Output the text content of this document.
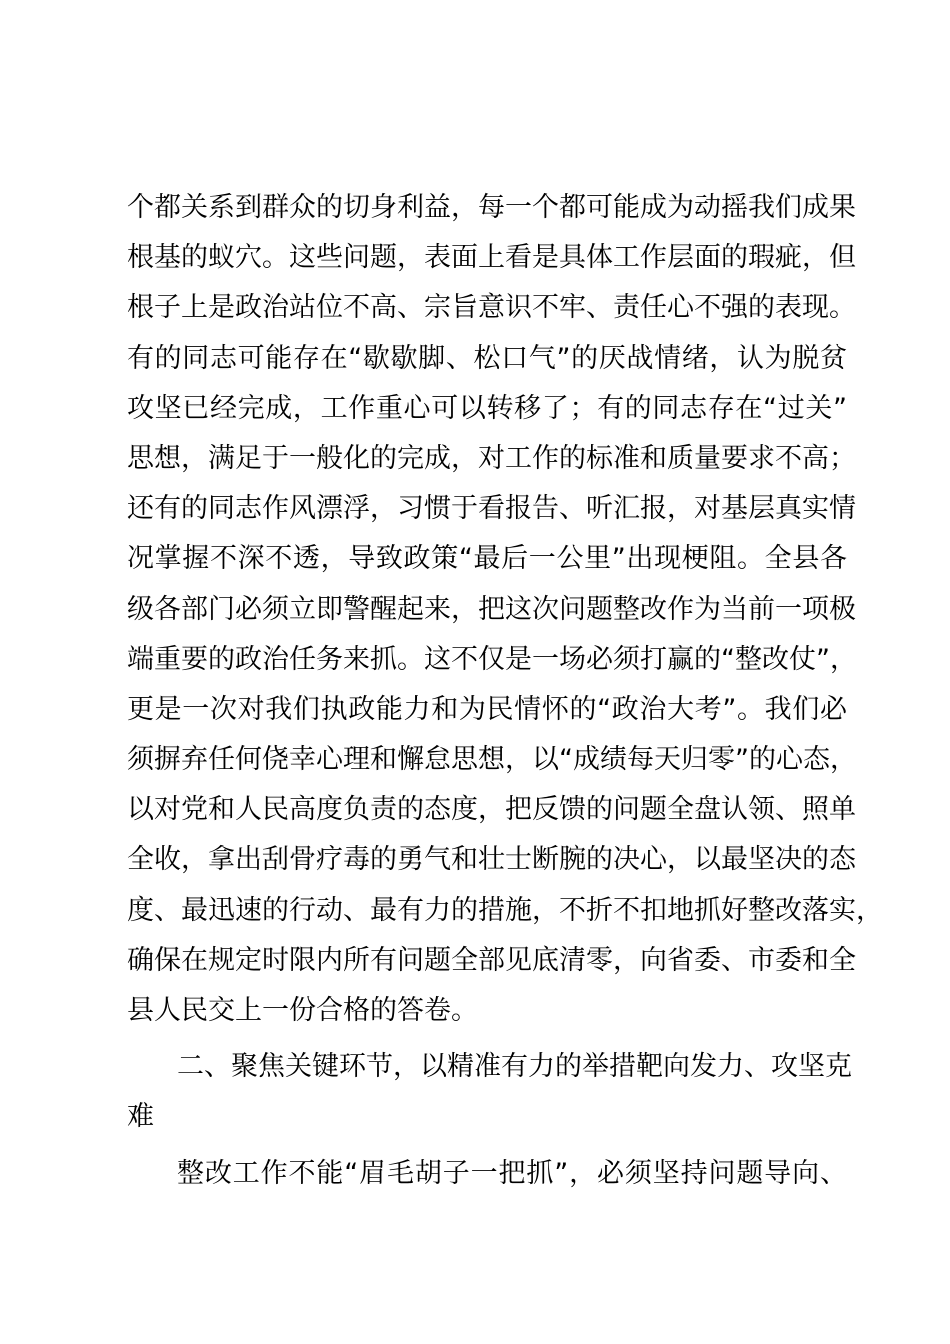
个都关系到群众的切身利益，每一个都可能成为动摇我们成果
根基的蚁穴。这些问题，表面上看是具体工作层面的瑕疵，但
根子上是政治站位不高、宗旨意识不牢、责任心不强的表现。
有的同志可能存在“歇歇脚、松口气”的厌战情绪，认为脱贫
攻坚已经完成，工作重心可以转移了；有的同志存在“过关”
思想，满足于一般化的完成，对工作的标准和质量要求不高；
还有的同志作风漂浮，习惯于看报告、听汇报，对基层真实情
况掌握不深不透，导致政策“最后一公里”出现梗阻。全县各
级各部门必须立即警醒起来，把这次问题整改作为当前一项极
端重要的政治任务来抓。这不仅是一场必须打赢的“整改仗”，
更是一次对我们执政能力和为民情怀的“政治大考”。我们必
须摒弃任何侥幸心理和懈怠思想，以“成绩每天归零”的心态，
以对党和人民高度负责的态度，把反馈的问题全盘认领、照单
全收，拿出刮骨疗毒的勇气和壮士断腕的决心，以最坚决的态
度、最迅速的行动、最有力的措施，不折不扣地抓好整改落实，
确保在规定时限内所有问题全部见底清零，向省委、市委和全
县人民交上一份合格的答卷。
二、聚焦关键环节，以精准有力的举措靶向发力、攻坚克
难
整改工作不能“眉毛胡子一把抓”，必须坚持问题导向、
